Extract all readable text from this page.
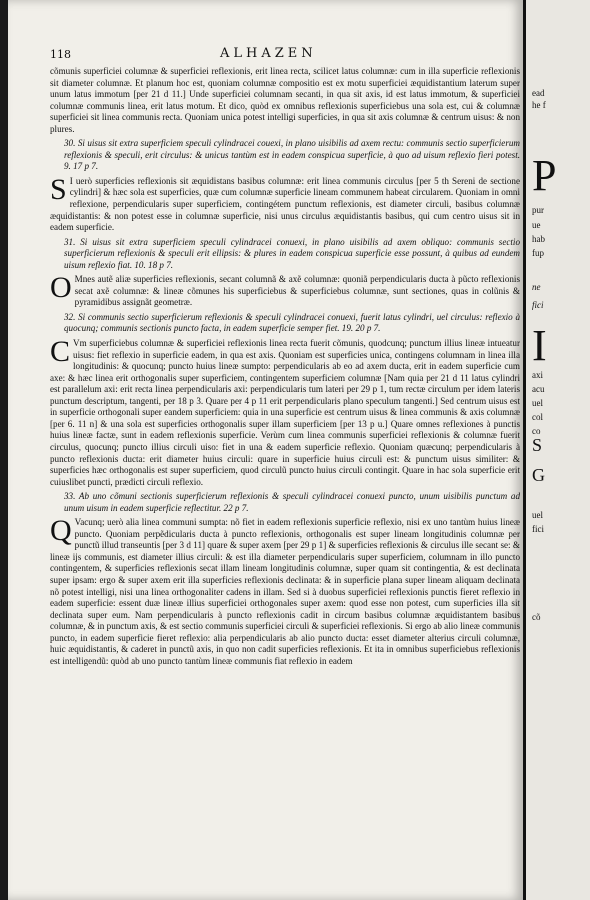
118	ALHAZEN

cõmunis superficiei columnæ & superficiei reflexionis, erit linea recta, scilicet latus columnæ: cum in illa superficie reflexionis sit diameter columnæ. Et planum hoc est, quoniam columnæ compositio est ex motu superficiei æquidistantium laterum super unum latus immotum [per 21 d 11.] Unde superficiei columnam secanti, in qua sit axis, id est latus immotum, & superficiei columnæ communis linea, erit latus motum. Et dico, quòd ex omnibus reflexionis superficiebus una sola est, cui & columnæ superficiei sit linea communis recta. Quoniam unica potest intelligi superficies, in qua sit axis columnæ & centrum uisus: & non plures.

30. Si uisus sit extra superficiem speculi cylindracei couexi, in plano uisibilis ad axem rectu: communis sectio superficierum reflexionis & speculi, erit circulus: & unicus tantùm est in eadem conspicua superficie, à quo ad uisum reflexio fieri potest. 9. 17 p 7.

S I uerò superficies reflexionis sit æquidistans basibus columnæ: erit linea communis circulus [per 5 th Sereni de sectione cylindri] & hæc sola est superficies, quæ cum columnæ superficie lineam communem habeat circularem. Quoniam in omni reflexione, perpendicularis super superficiem, contingétem punctum reflexionis, est diameter circuli, basibus columnæ æquidistantis: & non potest esse in columnæ superficie, nisi unus circulus æquidistantis basibus, qui cum centro uisus sit in eadem superficie.

31. Si uisus sit extra superficiem speculi cylindracei conuexi, in plano uisibilis ad axem obliquo: communis sectio superficierum reflexionis & speculi erit ellipsis: & plures in eadem conspicua superficie esse possunt, à quibus ad eundem uisum reflexio fiat. 10. 18 p 7.

O Mnes autẽ aliæ superficies reflexionis, secant columnã & axẽ columnæ: quoniã perpendicularis ducta à pũcto reflexionis secat axẽ columnæ: & lineæ cõmunes his superficiebus & superficiebus columnæ, sunt sectiones, quas in colũnis & pyramidibus assignãt geometræ.

32. Si communis sectio superficierum reflexionis & speculi cylindracei conuexi, fuerit latus cylindri, uel circulus: reflexio à quocunq; communis sectionis puncto facta, in eadem superficie semper fiet. 19. 20 p 7.

C Vm superficiebus columnæ & superficiei reflexionis linea recta fuerit cõmunis, quodcunq; punctum illius lineæ intueatur uisus: fiet reflexio in superficie eadem, in qua est axis. Quoniam est superficies unica, contingens columnam in linea illa longitudinis: & quocunq; puncto huius lineæ sumpto: perpendicularis ab eo ad axem ducta, erit in eadem superficie cum axe: & hæc linea erit orthogonalis super superficiem, contingentem superficiem columnæ [Nam quia per 21 d 11 latus cylindri est parallelum axi: erit recta linea perpendicularis axi: perpendicularis tum lateri per 29 p 1, tum rectæ circulum per idem lateris punctum descriptum, tangenti, per 18 p 3. Quare per 4 p 11 erit perpendicularis plano speculum tangenti.] Sed centrum uisus est in superficie orthogonali super eandem superficiem: quia in una superficie est centrum uisus & linea communis & axis columnæ [per 6. 11 n] & una sola est superficies orthogonalis super illam superficiem [per 13 p u.] Quare omnes reflexiones à punctis huius lineæ factæ, sunt in eadem reflexionis superficie. Verùm cum linea communis superficiei reflexionis & columnæ fuerit circulus, quocunq; puncto illius circuli uiso: fiet in una & eadem superficie reflexio. Quoniam quæcunq; perpendicularis à puncto reflexionis ducta: erit diameter huius circuli: quare in superficie huius circuli est: & punctum uisus similiter: & superficies hæc orthogonalis est super superficiem, quod circulũ puncto huius circuli contingit. Quare in hac sola superficie erit cuiuslibet puncti, prædicti circuli reflexio.

33. Ab uno cõmuni sectionis superficierum reflexionis & speculi cylindracei conuexi puncto, unum uisibilis punctum ad unum uisum in eadem superficie reflectitur. 22 p 7.

Q Vacunq; uerò alia linea communi sumpta: nõ fiet in eadem reflexionis superficie reflexio, nisi ex uno tantùm huius lineæ puncto. Quoniam perpẽdicularis ducta à puncto reflexionis, orthogonalis est super lineam longitudinis columnæ per punctũ illud transeuntis [per 3 d 11] quare & super axem [per 29 p 1] & superficies reflexionis & circulus ille secant se: & lineæ ijs communis, est diameter illius circuli: & est illa diameter perpendicularis super superficiem, columnam in illo puncto contingentem, & superficies reflexionis secat illam lineam longitudinis columnæ, super quam sit contingentia, & est declinata super ipsam: ergo & super axem erit illa superficies reflexionis declinata: & in superficie plana super lineam aliquam declinata nõ potest intelligi, nisi una linea orthogonaliter cadens in illam. Sed si à duobus superficiei reflexionis punctis fieret reflexio in eadem superficie: essent duæ lineæ illius superficiei orthogonales super axem: quod esse non potest, cum superficies illa sit declinata super eum. Nam perpendicularis à puncto reflexionis cadit in circum basibus columnæ æquidistantem basibus columnæ, & in punctum axis, & est sectio communis superficiei circuli & superficiei reflexionis. Si ergo ab alio lineæ communis puncto, in eadem superficie fieret reflexio: alia perpendicularis ab alio puncto ducta: esset diameter alterius circuli columnæ, huic æquidistantis, & caderet in punctũ axis, in quo non cadit superficies reflexionis. Et ita in omnibus superficiebus reflexionis est intelligendũ: quòd ab uno puncto tantùm lineæ communis fiat reflexio in eadem

ead
he f
P
pur
ue
hab
fup
ne
fici
I
axi
acu
uel
col
co
S
G
uel
fici
cõ
